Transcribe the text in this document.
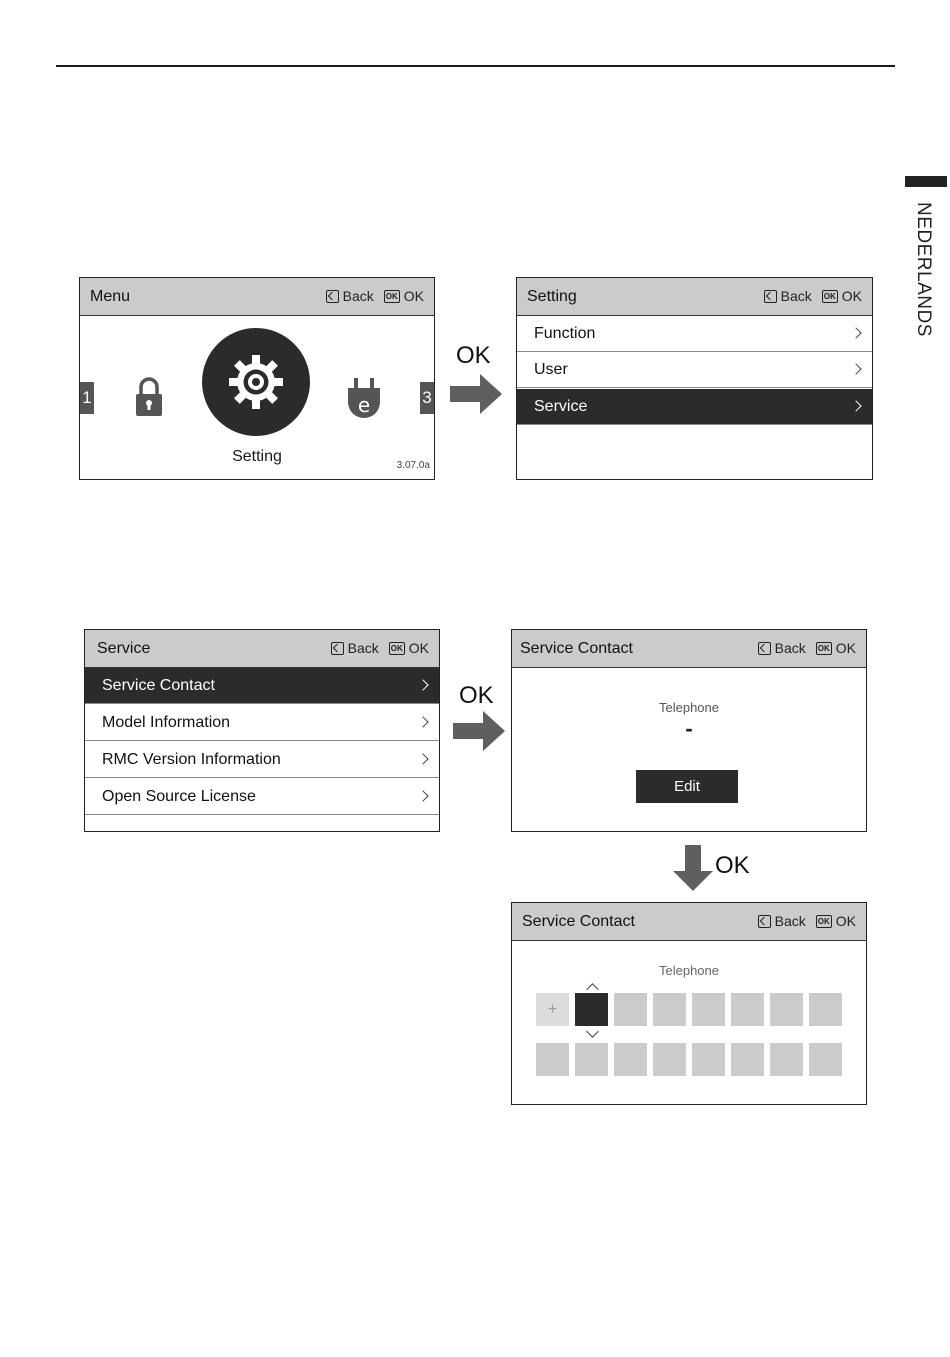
NEDERLANDS
Menu	Back OK OK
1	3
e
Setting
3.07.0a
OK
Setting	Back OK OK
Function
User
Service
Service	Back OK OK
Service Contact
Model Information
RMC Version Information
Open Source License
OK
Service Contact	Back OK OK
Telephone
-
Edit
OK
Service Contact	Back OK OK
Telephone
+
